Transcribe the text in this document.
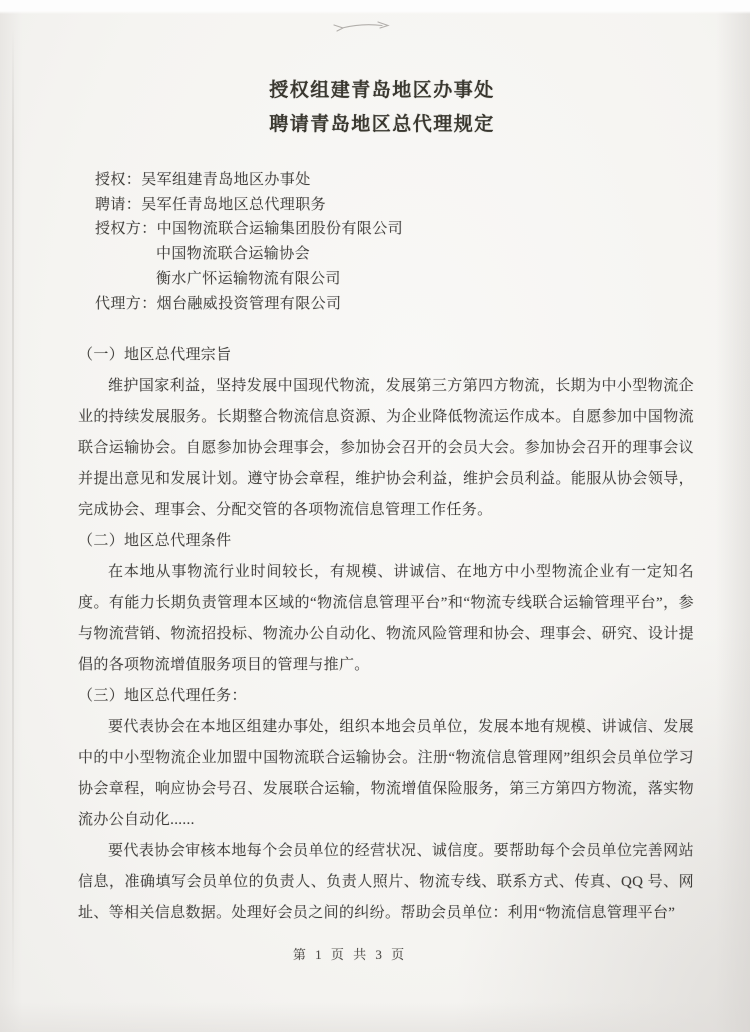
授权组建青岛地区办事处
聘请青岛地区总代理规定
授权：吴军组建青岛地区办事处
聘请：吴军任青岛地区总代理职务
授权方：中国物流联合运输集团股份有限公司
中国物流联合运输协会
衡水广怀运输物流有限公司
代理方：烟台融威投资管理有限公司
（一）地区总代理宗旨
维护国家利益，坚持发展中国现代物流，发展第三方第四方物流，长期为中小型物流企业的持续发展服务。长期整合物流信息资源、为企业降低物流运作成本。自愿参加中国物流联合运输协会。自愿参加协会理事会，参加协会召开的会员大会。参加协会召开的理事会议并提出意见和发展计划。遵守协会章程，维护协会利益，维护会员利益。能服从协会领导，完成协会、理事会、分配交管的各项物流信息管理工作任务。
（二）地区总代理条件
在本地从事物流行业时间较长，有规模、讲诚信、在地方中小型物流企业有一定知名度。有能力长期负责管理本区域的“物流信息管理平台”和“物流专线联合运输管理平台”，参与物流营销、物流招投标、物流办公自动化、物流风险管理和协会、理事会、研究、设计提倡的各项物流增值服务项目的管理与推广。
（三）地区总代理任务：
要代表协会在本地区组建办事处，组织本地会员单位，发展本地有规模、讲诚信、发展中的中小型物流企业加盟中国物流联合运输协会。注册“物流信息管理网”组织会员单位学习协会章程，响应协会号召、发展联合运输，物流增值保险服务，第三方第四方物流，落实物流办公自动化......
要代表协会审核本地每个会员单位的经营状况、诚信度。要帮助每个会员单位完善网站信息，准确填写会员单位的负责人、负责人照片、物流专线、联系方式、传真、QQ 号、网址、等相关信息数据。处理好会员之间的纠纷。帮助会员单位：利用“物流信息管理平台”
第 1 页 共 3 页
